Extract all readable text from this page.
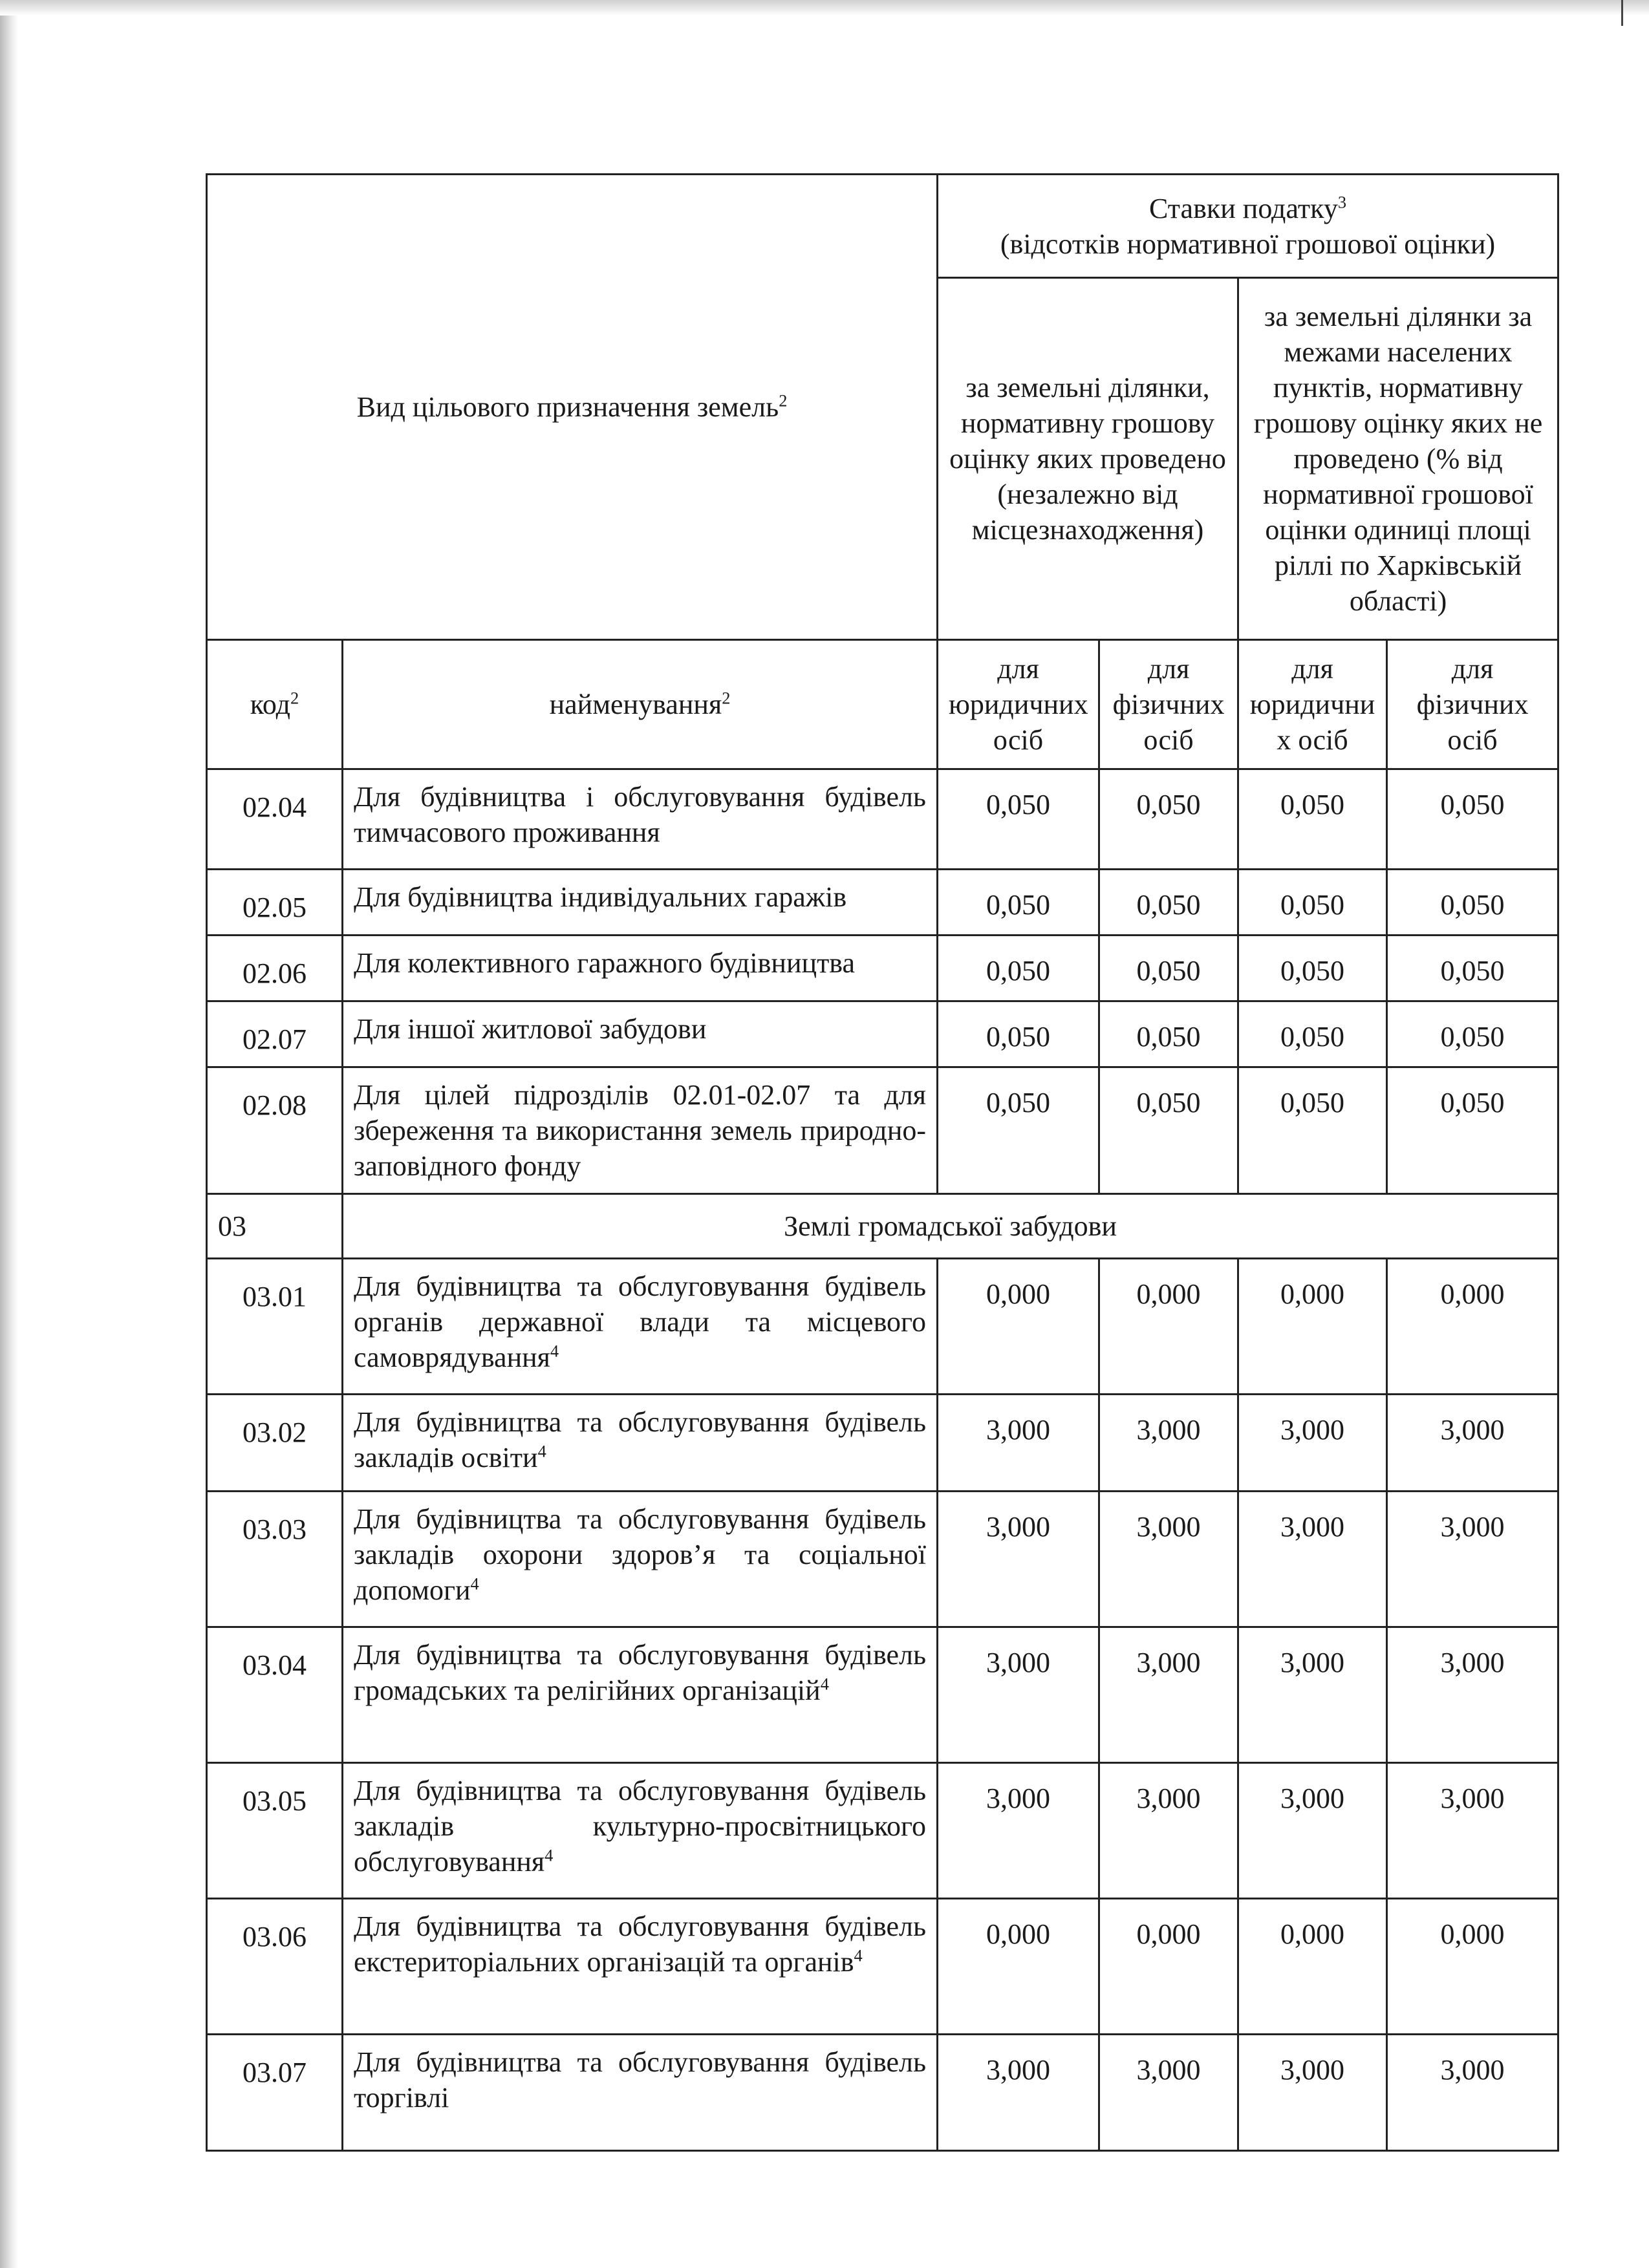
Вид цільового призначення земель$^2$		Ставки податку$^3$
(відсотків нормативної грошової оцінки)			

		за земельні ділянки, нормативну грошову оцінку яких проведено (незалежно від місцезнаходження)		за земельні ділянки за межами населених пунктів, нормативну грошову оцінку яких не проведено (% від нормативної грошової оцінки одиниці площі ріллі по Харківській області)	
код$^2$	найменування$^2$	для юридичних осіб	для фізичних осіб	для юридични х осіб	для фізичних осіб
02.04	Для будівництва і обслуговування будівель тимчасового проживання	0,050	0,050	0,050	0,050
02.05	Для будівництва індивідуальних гаражів	0,050	0,050	0,050	0,050
02.06	Для колективного гаражного будівництва	0,050	0,050	0,050	0,050
02.07	Для іншої житлової забудови	0,050	0,050	0,050	0,050
02.08	Для цілей підрозділів 02.01-02.07 та для збереження та використання земель природно-заповідного фонду	0,050	0,050	0,050	0,050
03	Землі громадської забудови				
03.01	Для будівництва та обслуговування будівель органів державної влади та місцевого самоврядування$^4$	0,000	0,000	0,000	0,000
03.02	Для будівництва та обслуговування будівель закладів освіти$^4$	3,000	3,000	3,000	3,000
03.03	Для будівництва та обслуговування будівель закладів охорони здоров’я та соціальної допомоги$^4$	3,000	3,000	3,000	3,000
03.04	Для будівництва та обслуговування будівель громадських та релігійних організацій$^4$	3,000	3,000	3,000	3,000
03.05	Для будівництва та обслуговування будівель закладів культурно-просвітницького обслуговування$^4$	3,000	3,000	3,000	3,000
03.06	Для будівництва та обслуговування будівель екстериторіальних організацій та органів$^4$	0,000	0,000	0,000	0,000
03.07	Для будівництва та обслуговування будівель торгівлі	3,000	3,000	3,000	3,000
